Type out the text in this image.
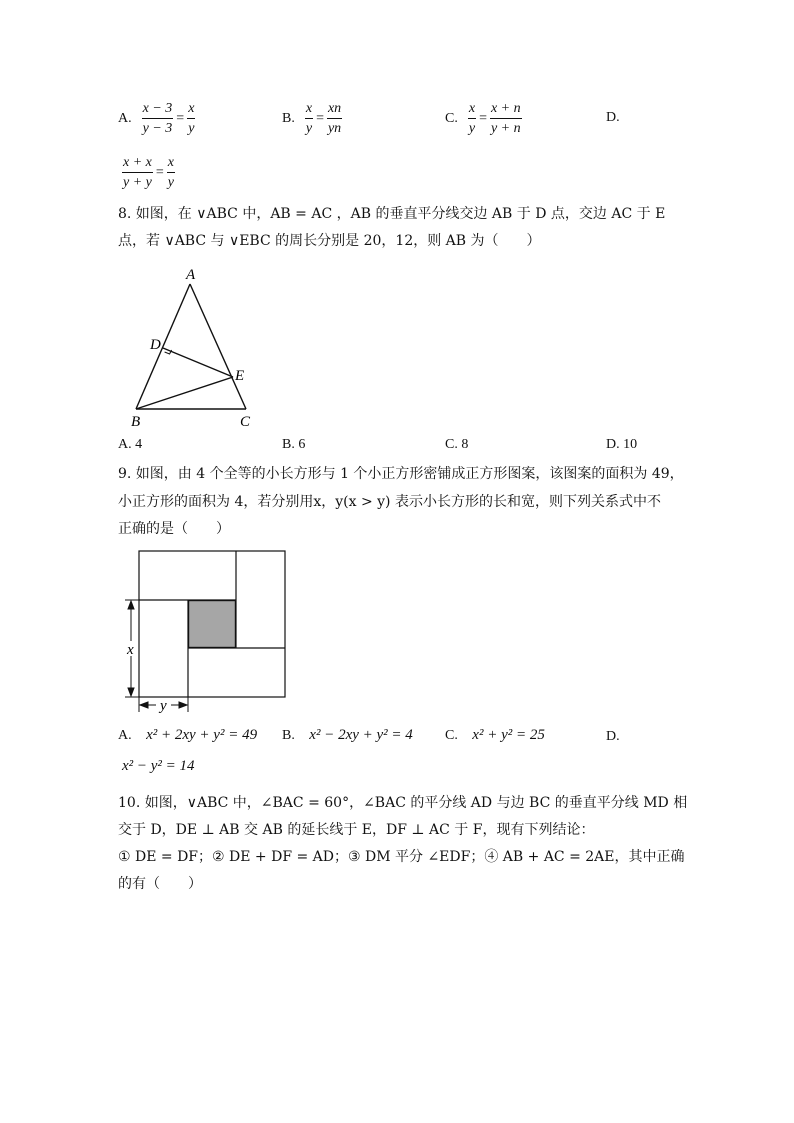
A. $\frac{x - 3}{y - 3} = \frac{x}{y}$	B. $\frac{x}{y} = \frac{xn}{yn}$	C. $\frac{x}{y} = \frac{x + n}{y + n}$	D.
$\frac{x + x}{y + y} = \frac{x}{y}$
8. 如图，在 ∨ABC 中，AB = AC ，AB 的垂直平分线交边 AB 于 D 点，交边 AC 于 E
点，若 ∨ABC 与 ∨EBC 的周长分别是 20，12，则 AB 为（　　）
A
D
E
B	C
A. 4	B. 6	C. 8	D. 10
9. 如图，由 4 个全等的小长方形与 1 个小正方形密铺成正方形图案，该图案的面积为 49，
小正方形的面积为 4，若分别用x，y(x > y) 表示小长方形的长和宽，则下列关系式中不
正确的是（　　）
x
y
A. x² + 2xy + y² = 49 B. x² − 2xy + y² = 4 C. x² + y² = 25	D.
x² − y² = 14
10. 如图，∨ABC 中，∠BAC = 60°，∠BAC 的平分线 AD 与边 BC 的垂直平分线 MD 相
交于 D，DE ⊥ AB 交 AB 的延长线于 E，DF ⊥ AC 于 F，现有下列结论：
① DE = DF；② DE + DF = AD；③ DM 平分 ∠EDF；④ AB + AC = 2AE，其中正确
的有（　　）
